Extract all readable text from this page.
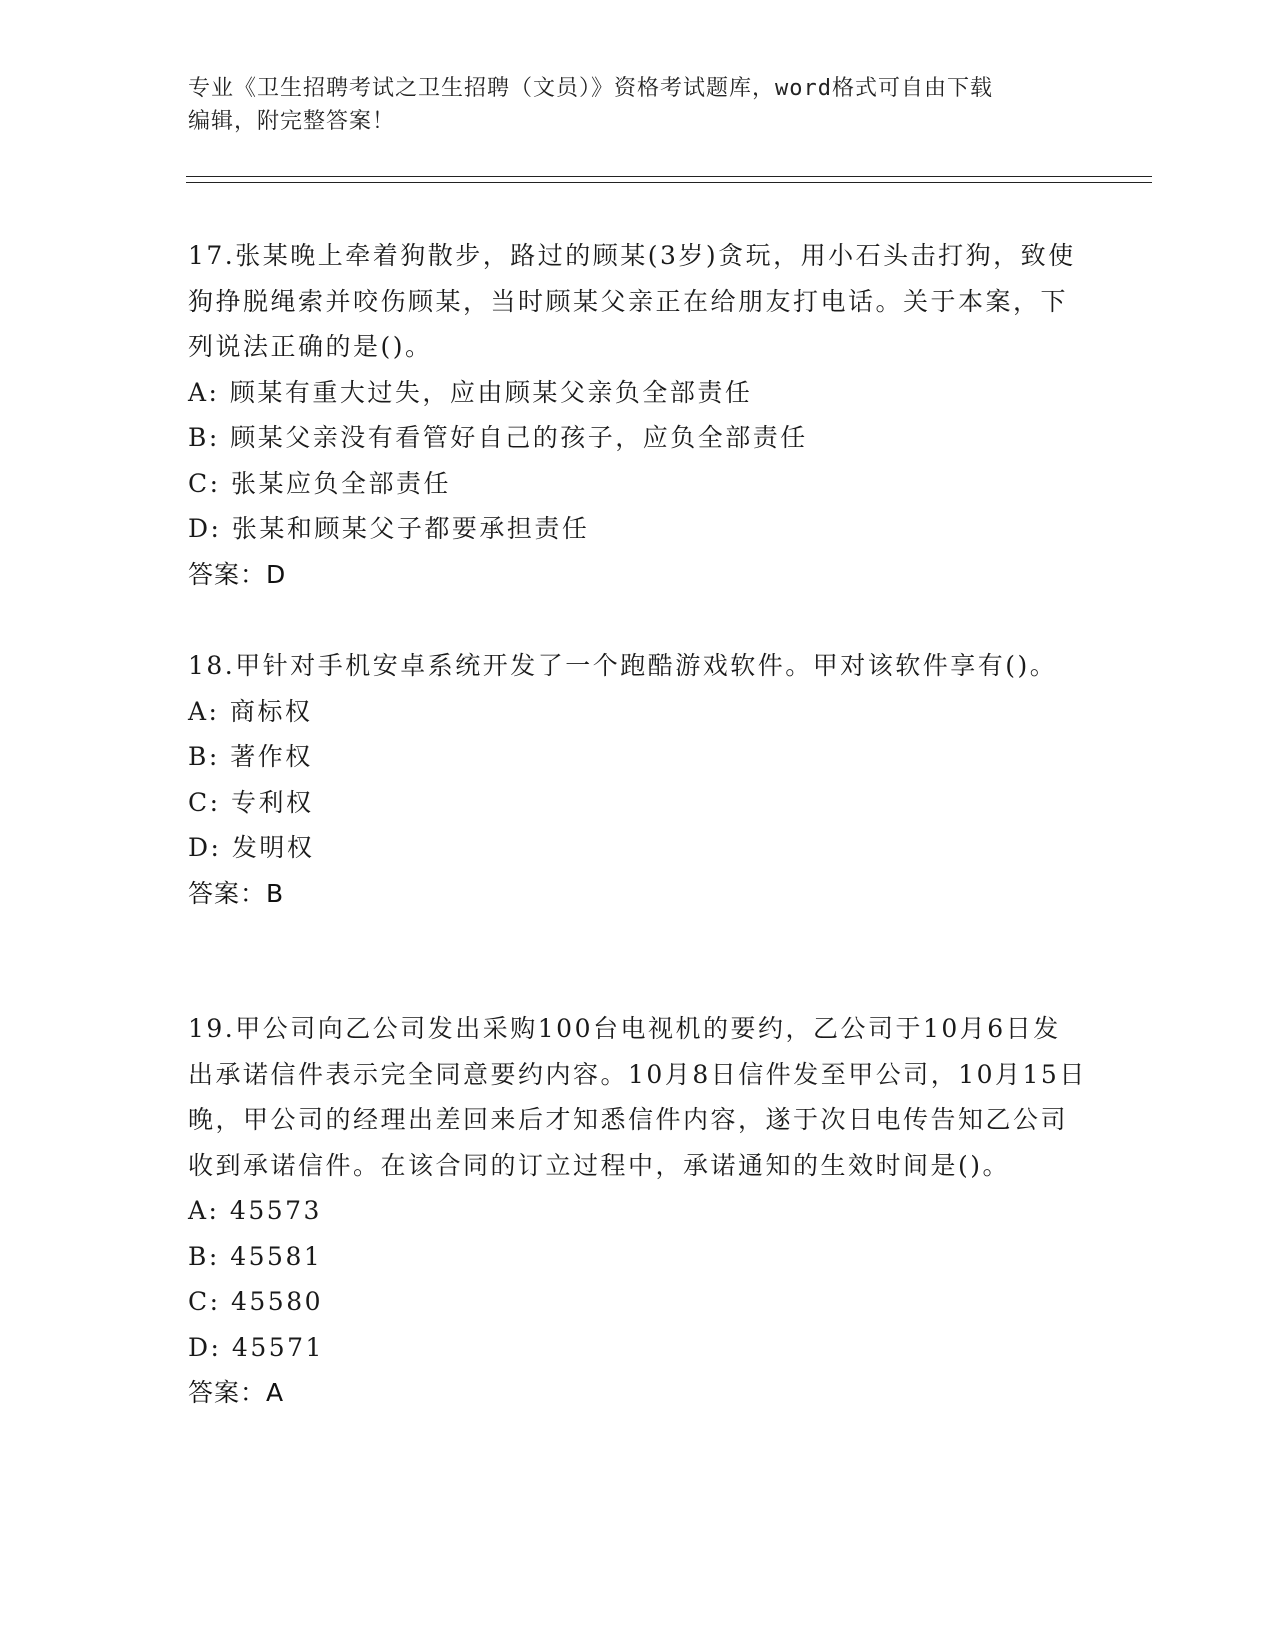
专业《卫生招聘考试之卫生招聘（文员）》资格考试题库，word格式可自由下载
编辑，附完整答案！

17.张某晚上牵着狗散步，路过的顾某(3岁)贪玩，用小石头击打狗，致使狗挣脱绳索并咬伤顾某，当时顾某父亲正在给朋友打电话。关于本案，下列说法正确的是()。

A: 顾某有重大过失，应由顾某父亲负全部责任

B: 顾某父亲没有看管好自己的孩子，应负全部责任

C: 张某应负全部责任

D: 张某和顾某父子都要承担责任

答案：D

18.甲针对手机安卓系统开发了一个跑酷游戏软件。甲对该软件享有()。

A: 商标权

B: 著作权

C: 专利权

D: 发明权

答案：B

19.甲公司向乙公司发出采购100台电视机的要约，乙公司于10月6日发出承诺信件表示完全同意要约内容。10月8日信件发至甲公司，10月15日晚，甲公司的经理出差回来后才知悉信件内容，遂于次日电传告知乙公司收到承诺信件。在该合同的订立过程中，承诺通知的生效时间是()。

A: 45573

B: 45581

C: 45580

D: 45571

答案：A
